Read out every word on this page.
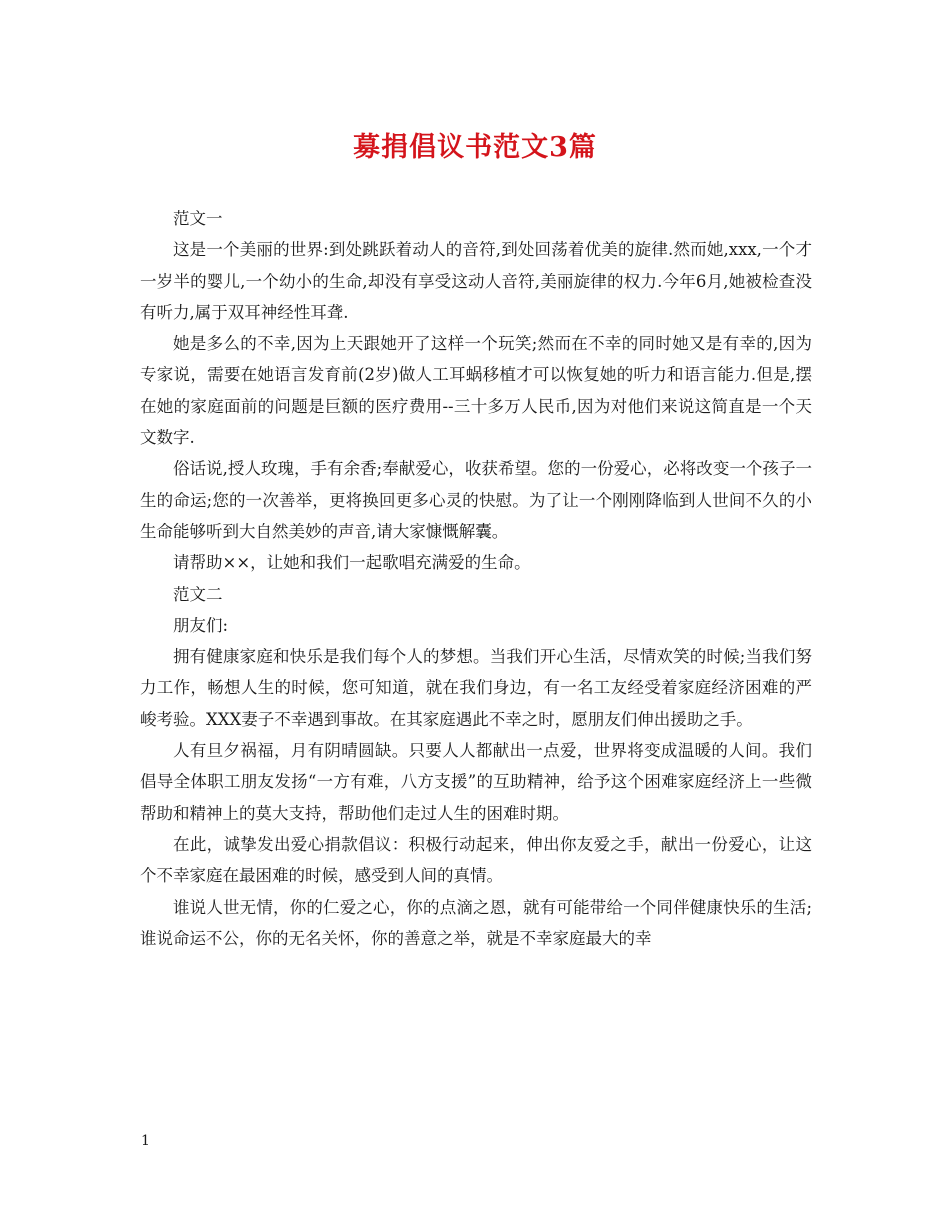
募捐倡议书范文3篇

范文一

这是一个美丽的世界:到处跳跃着动人的音符,到处回荡着优美的旋律.然而她,xxx,一个才一岁半的婴儿,一个幼小的生命,却没有享受这动人音符,美丽旋律的权力.今年6月,她被检查没有听力,属于双耳神经性耳聋.

她是多么的不幸,因为上天跟她开了这样一个玩笑;然而在不幸的同时她又是有幸的,因为专家说，需要在她语言发育前(2岁)做人工耳蜗移植才可以恢复她的听力和语言能力.但是,摆在她的家庭面前的问题是巨额的医疗费用--三十多万人民币,因为对他们来说这简直是一个天文数字.

俗话说,授人玫瑰，手有余香;奉献爱心，收获希望。您的一份爱心，必将改变一个孩子一生的命运;您的一次善举，更将换回更多心灵的快慰。为了让一个刚刚降临到人世间不久的小生命能够听到大自然美妙的声音,请大家慷慨解囊。

请帮助××，让她和我们一起歌唱充满爱的生命。

范文二

朋友们:

拥有健康家庭和快乐是我们每个人的梦想。当我们开心生活，尽情欢笑的时候;当我们努力工作，畅想人生的时候，您可知道，就在我们身边，有一名工友经受着家庭经济困难的严峻考验。XXX妻子不幸遇到事故。在其家庭遇此不幸之时，愿朋友们伸出援助之手。

人有旦夕祸福，月有阴晴圆缺。只要人人都献出一点爱，世界将变成温暖的人间。我们倡导全体职工朋友发扬“一方有难，八方支援”的互助精神，给予这个困难家庭经济上一些微帮助和精神上的莫大支持，帮助他们走过人生的困难时期。

在此，诚挚发出爱心捐款倡议：积极行动起来，伸出你友爱之手，献出一份爱心，让这个不幸家庭在最困难的时候，感受到人间的真情。

谁说人世无情，你的仁爱之心，你的点滴之恩，就有可能带给一个同伴健康快乐的生活;谁说命运不公，你的无名关怀，你的善意之举，就是不幸家庭最大的幸

1
